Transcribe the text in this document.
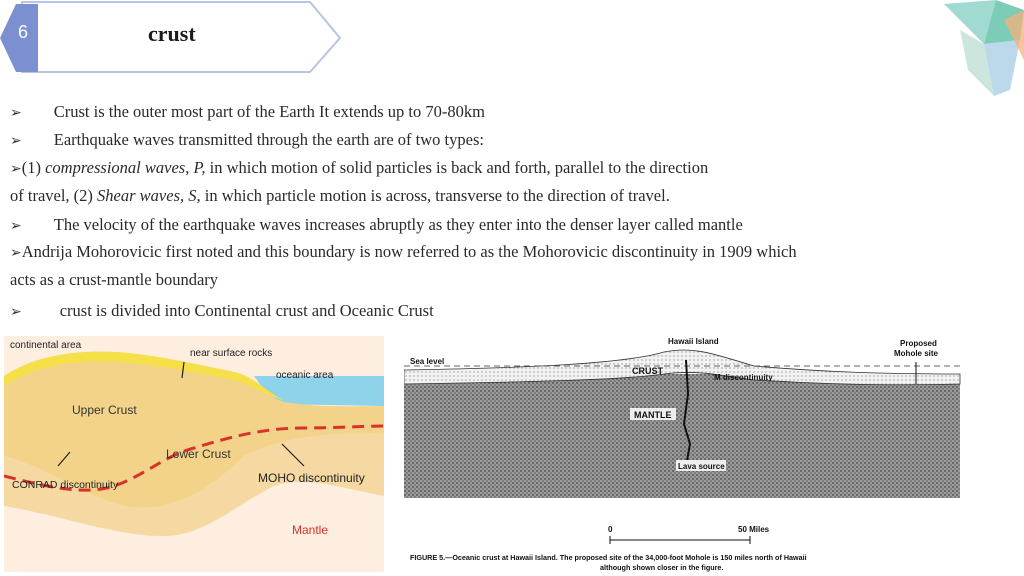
6	crust
➢ Crust is the outer most part of the Earth It extends up to 70-80km
➢ Earthquake waves transmitted through the earth are of two types:
➢(1) compressional waves, P, in which motion of solid particles is back and forth, parallel to the direction
of travel, (2) Shear waves, S, in which particle motion is across, transverse to the direction of travel.
➢ The velocity of the earthquake waves increases abruptly as they enter into the denser layer called mantle
➢Andrija Mohorovicic first noted and this boundary is now referred to as the Mohorovicic discontinuity in 1909 which
acts as a crust-mantle boundary
➢ crust is divided into Continental crust and Oceanic Crust
continental area
near surface rocks
oceanic area
Upper Crust
Lower Crust
MOHO discontinuity
CONRAD discontinuity
Mantle
Hawaii Island	Proposed
Mohole site
Sea level
CRUST
M discontinuity
MANTLE
Lava source
0	50 Miles
FIGURE 5.—Oceanic crust at Hawaii Island. The proposed site of the 34,000-foot Mohole is 150 miles north of Hawaii
although shown closer in the figure.
